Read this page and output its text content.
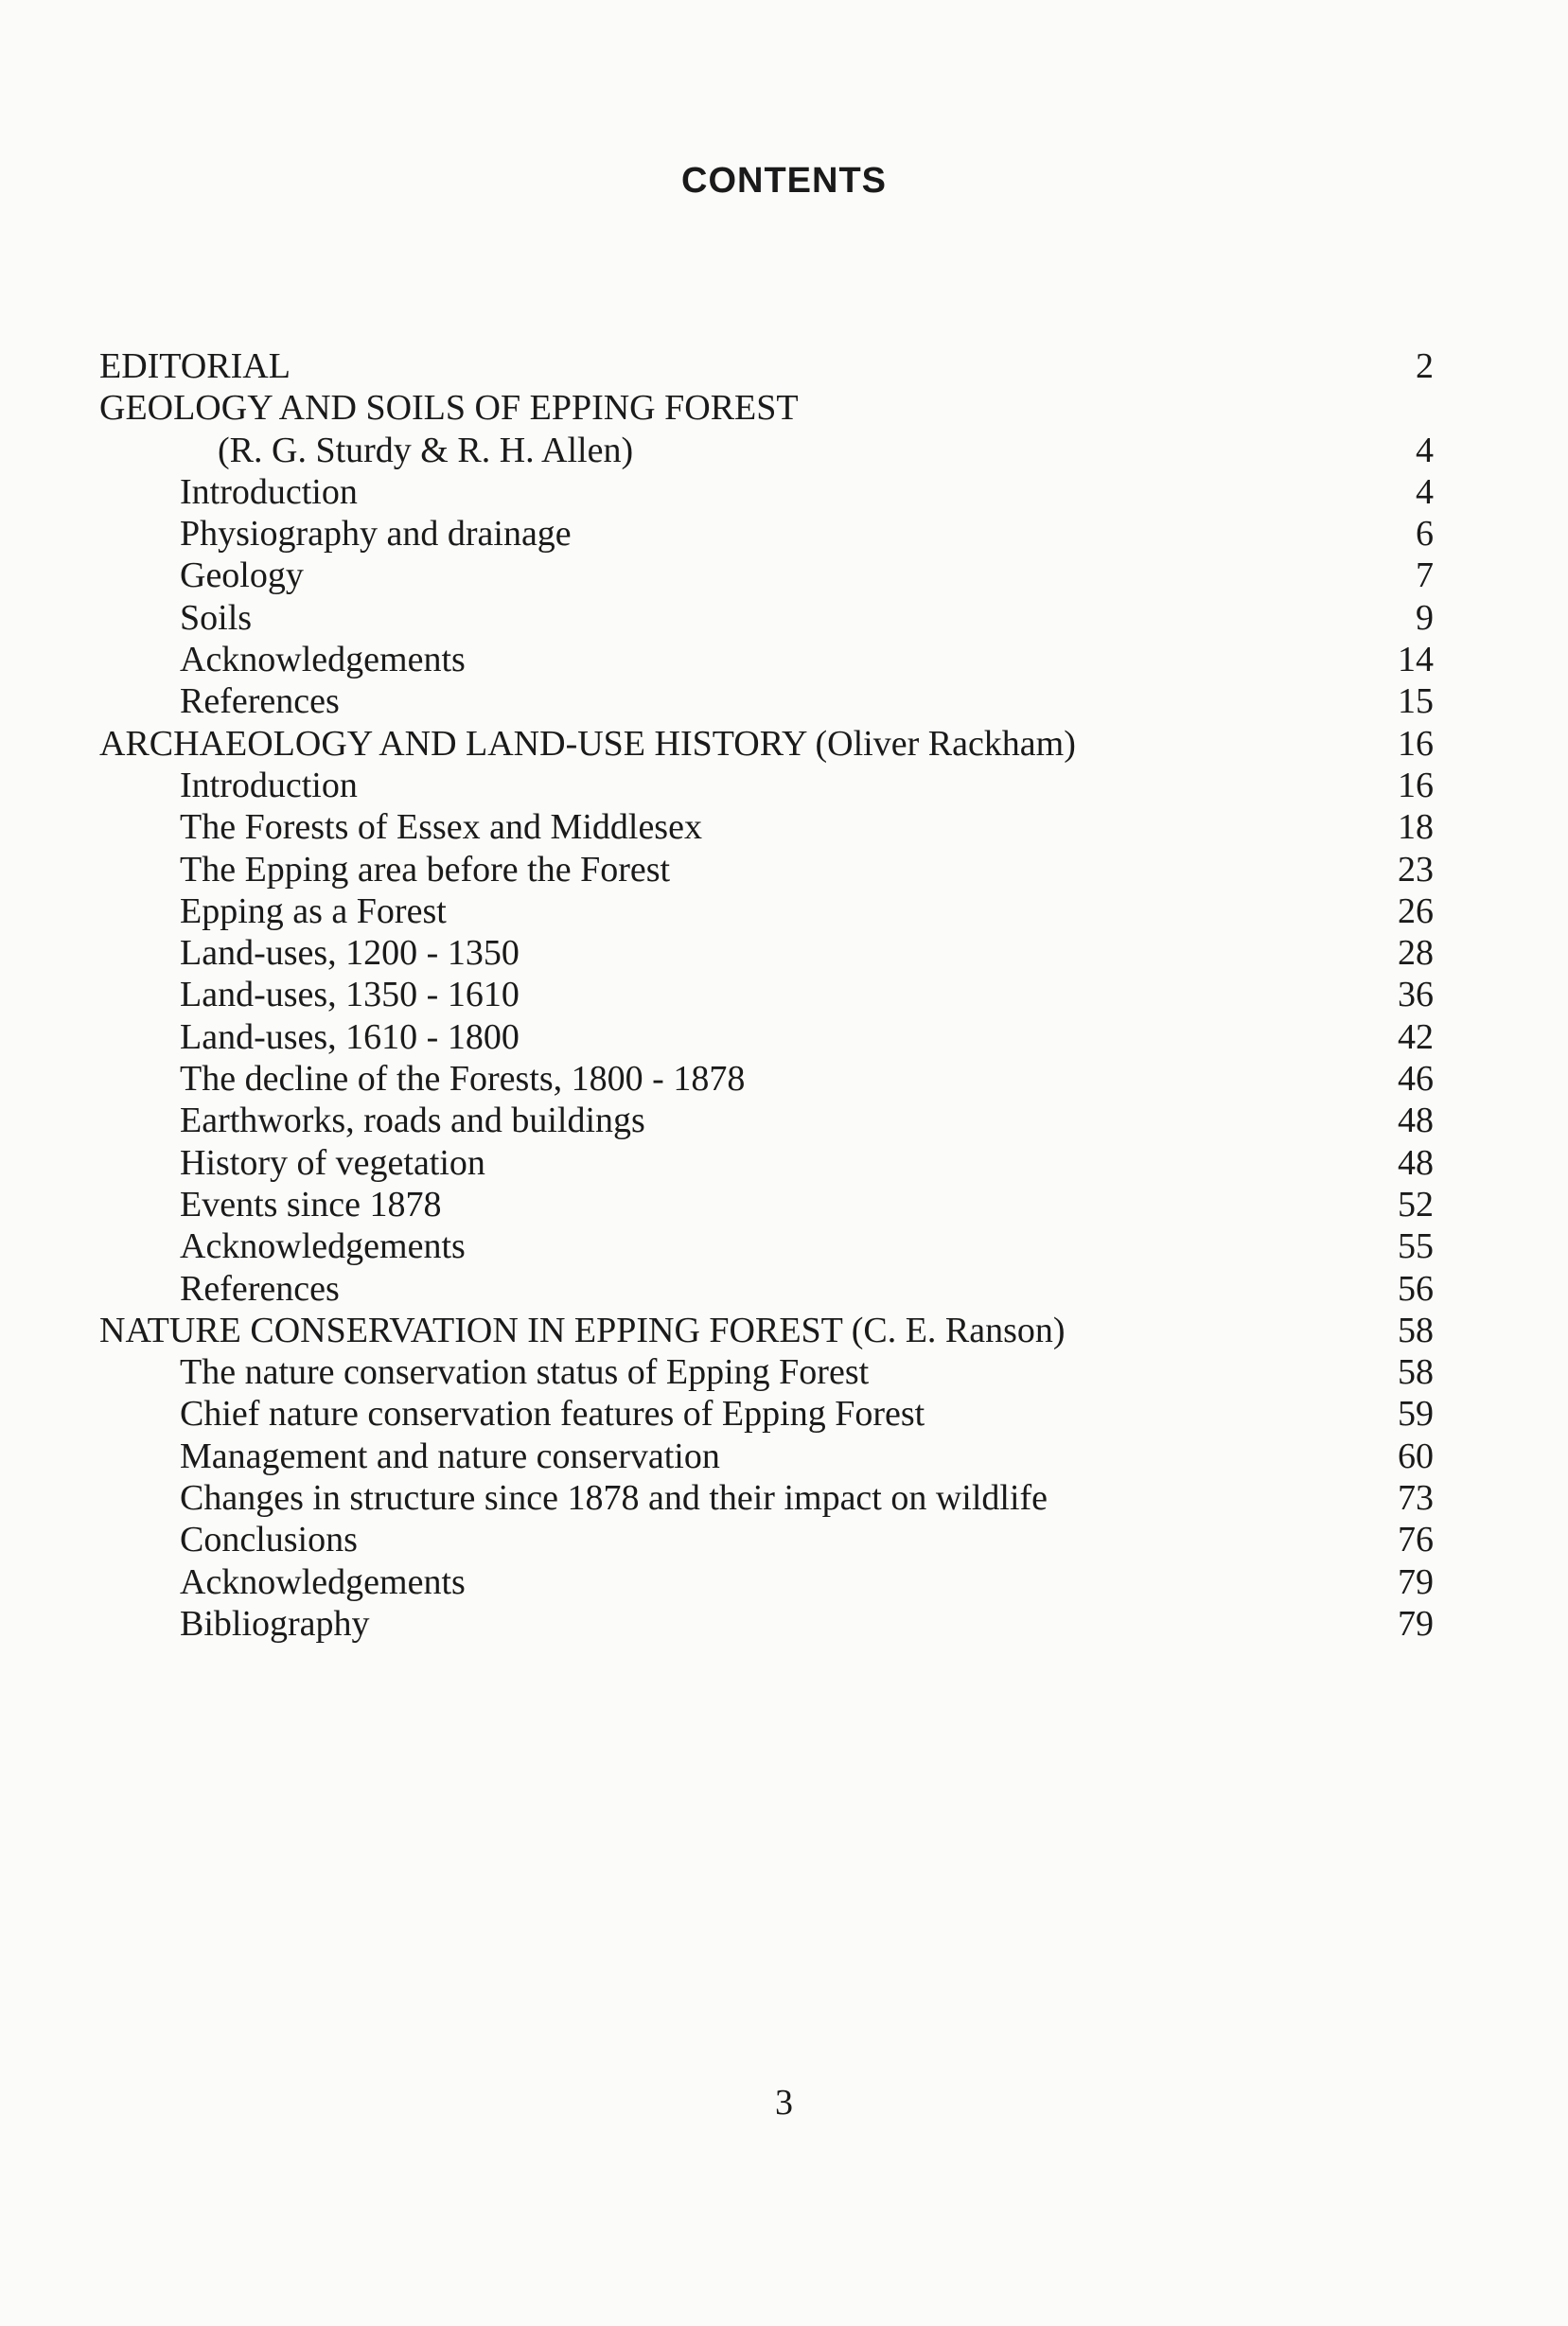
CONTENTS
EDITORIAL	2
GEOLOGY AND SOILS OF EPPING FOREST
(R. G. Sturdy & R. H. Allen)	4
Introduction	4
Physiography and drainage	6
Geology	7
Soils	9
Acknowledgements	14
References	15
ARCHAEOLOGY AND LAND-USE HISTORY (Oliver Rackham)	16
Introduction	16
The Forests of Essex and Middlesex	18
The Epping area before the Forest	23
Epping as a Forest	26
Land-uses, 1200 - 1350	28
Land-uses, 1350 - 1610	36
Land-uses, 1610 - 1800	42
The decline of the Forests, 1800 - 1878	46
Earthworks, roads and buildings	48
History of vegetation	48
Events since 1878	52
Acknowledgements	55
References	56
NATURE CONSERVATION IN EPPING FOREST (C. E. Ranson)	58
The nature conservation status of Epping Forest	58
Chief nature conservation features of Epping Forest	59
Management and nature conservation	60
Changes in structure since 1878 and their impact on wildlife	73
Conclusions	76
Acknowledgements	79
Bibliography	79
3
